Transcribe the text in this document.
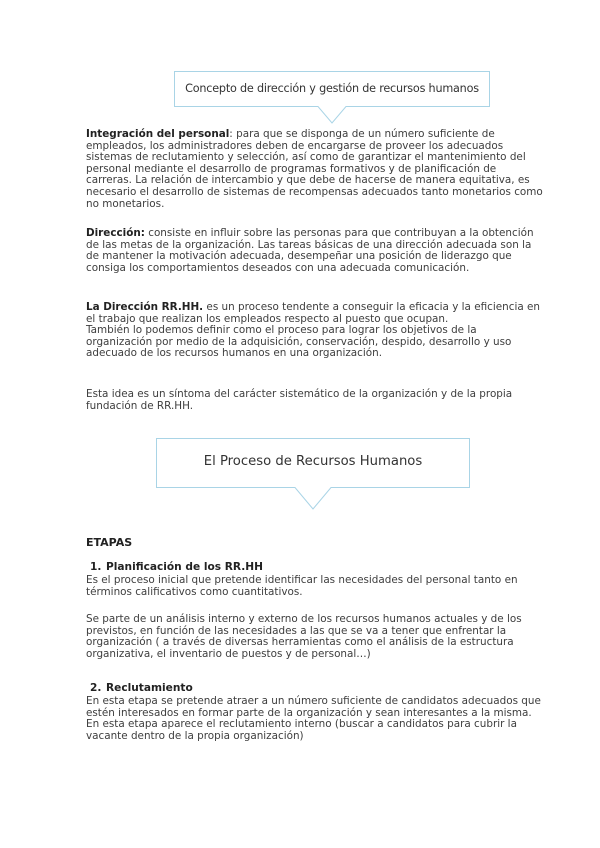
Concepto de dirección y gestión de recursos humanos

Integración del personal: para que se disponga de un número suficiente de empleados, los administradores deben de encargarse de proveer los adecuados sistemas de reclutamiento y selección, así como de garantizar el mantenimiento del personal mediante el desarrollo de programas formativos y de planificación de carreras. La relación de intercambio y que debe de hacerse de manera equitativa, es necesario el desarrollo de sistemas de recompensas adecuados tanto monetarios como no monetarios.

Dirección: consiste en influir sobre las personas para que contribuyan a la obtención de las metas de la organización. Las tareas básicas de una dirección adecuada son la de mantener la motivación adecuada, desempeñar una posición de liderazgo que consiga los comportamientos deseados con una adecuada comunicación.

La Dirección RR.HH. es un proceso tendente a conseguir la eficacia y la eficiencia en el trabajo que realizan los empleados respecto al puesto que ocupan.
También lo podemos definir como el proceso para lograr los objetivos de la organización por medio de la adquisición, conservación, despido, desarrollo y uso adecuado de los recursos humanos en una organización.

Esta idea es un síntoma del carácter sistemático de la organización y de la propia fundación de RR.HH.

El Proceso de Recursos Humanos
ETAPAS
1. Planificación de los RR.HH

Es el proceso inicial que pretende identificar las necesidades del personal tanto en términos calificativos como cuantitativos.

Se parte de un análisis interno y externo de los recursos humanos actuales y de los previstos, en función de las necesidades a las que se va a tener que enfrentar la organización ( a través de diversas herramientas como el análisis de la estructura organizativa, el inventario de puestos y de personal…)

2. Reclutamiento

En esta etapa se pretende atraer a un número suficiente de candidatos adecuados que estén interesados en formar parte de la organización y sean interesantes a la misma.
En esta etapa aparece el reclutamiento interno (buscar a candidatos para cubrir la vacante dentro de la propia organización)
